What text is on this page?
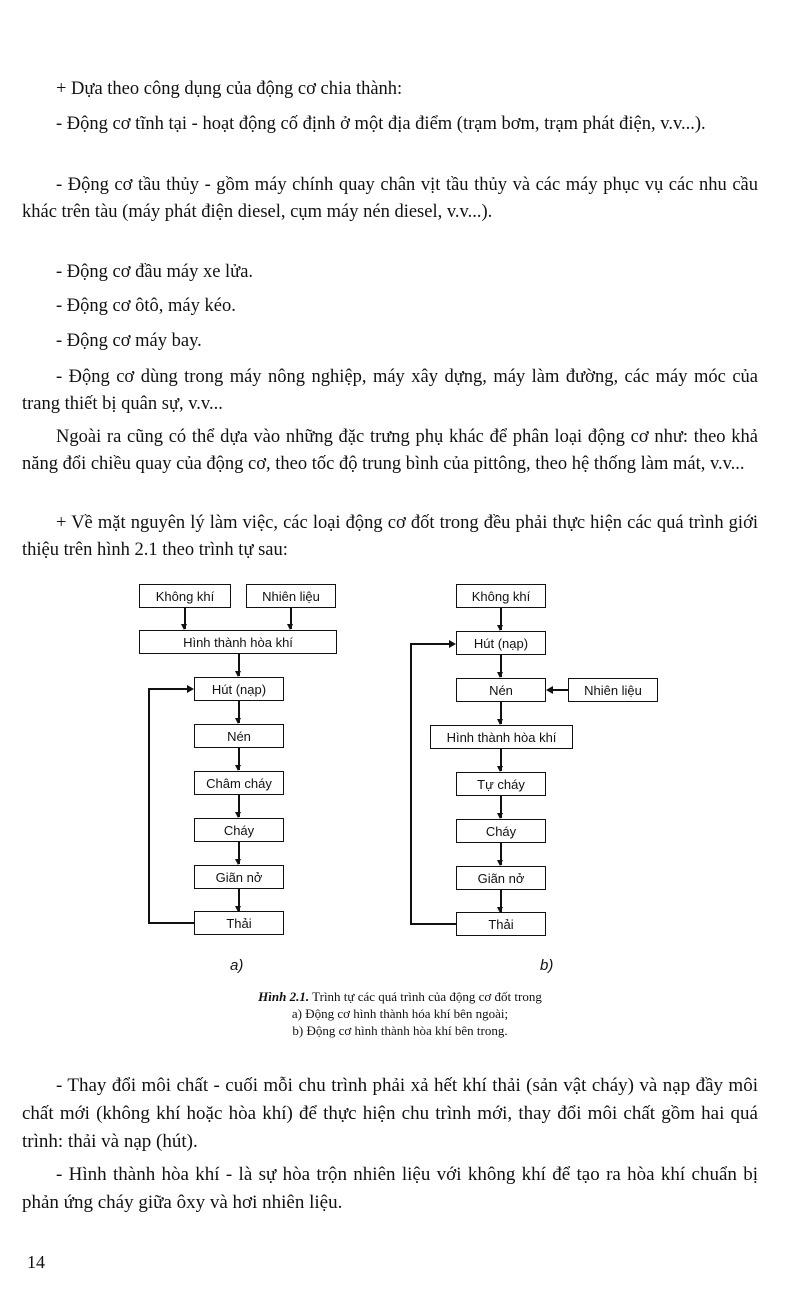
+ Dựa theo công dụng của động cơ chia thành:
- Động cơ tĩnh tại - hoạt động cố định ở một địa điểm (trạm bơm, trạm phát điện, v.v...).
- Động cơ tầu thủy - gồm máy chính quay chân vịt tầu thủy và các máy phục vụ các nhu cầu khác trên tàu (máy phát điện diesel, cụm máy nén diesel, v.v...).
- Động cơ đầu máy xe lửa.
- Động cơ ôtô, máy kéo.
- Động cơ máy bay.
- Động cơ dùng trong máy nông nghiệp, máy xây dựng, máy làm đường, các máy móc của trang thiết bị quân sự, v.v...
Ngoài ra cũng có thể dựa vào những đặc trưng phụ khác để phân loại động cơ như: theo khả năng đổi chiều quay của động cơ, theo tốc độ trung bình của pittông, theo hệ thống làm mát, v.v...
+ Về mặt nguyên lý làm việc, các loại động cơ đốt trong đều phải thực hiện các quá trình giới thiệu trên hình 2.1 theo trình tự sau:
Không khí	Nhiên liệu
Hình thành hòa khí
Hút (nạp)
Nén
Châm cháy
Cháy
Giãn nở
Thải
a)
Không khí
Hút (nạp)
Nén	Nhiên liệu
Hình thành hòa khí
Tự cháy
Cháy
Giãn nở
Thải
b)
Hình 2.1. Trình tự các quá trình của động cơ đốt trong
a) Động cơ hình thành hóa khí bên ngoài;
b) Động cơ hình thành hòa khí bên trong.
- Thay đổi môi chất - cuối mỗi chu trình phải xả hết khí thải (sản vật cháy) và nạp đầy môi chất mới (không khí hoặc hòa khí) để thực hiện chu trình mới, thay đổi môi chất gồm hai quá trình: thải và nạp (hút).
- Hình thành hòa khí - là sự hòa trộn nhiên liệu với không khí để tạo ra hòa khí chuẩn bị phản ứng cháy giữa ôxy và hơi nhiên liệu.
14
